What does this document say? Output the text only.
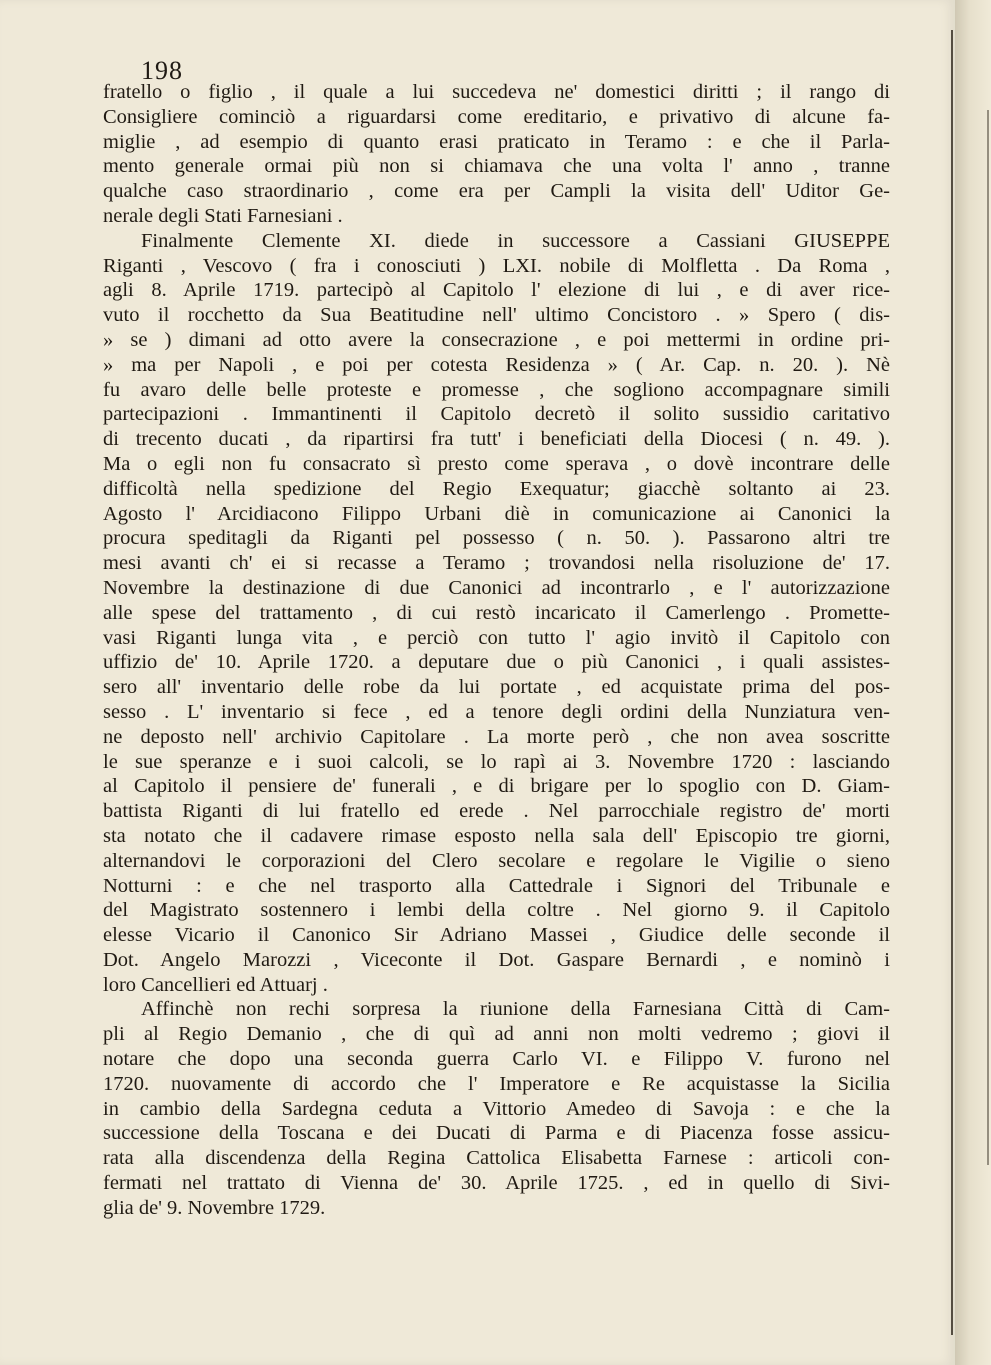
198
fratello o figlio , il quale a lui succedeva ne' domestici diritti ; il rango di
Consigliere cominciò a riguardarsi come ereditario, e privativo di alcune fa-
miglie , ad esempio di quanto erasi praticato in Teramo : e che il Parla-
mento generale ormai più non si chiamava che una volta l' anno , tranne
qualche caso straordinario , come era per Campli la visita dell' Uditor Ge-
nerale degli Stati Farnesiani .
Finalmente Clemente XI. diede in successore a Cassiani GIUSEPPE
Riganti , Vescovo ( fra i conosciuti ) LXI. nobile di Molfletta . Da Roma ,
agli 8. Aprile 1719. partecipò al Capitolo l' elezione di lui , e di aver rice-
vuto il rocchetto da Sua Beatitudine nell' ultimo Concistoro . » Spero ( dis-
» se ) dimani ad otto avere la consecrazione , e poi mettermi in ordine pri-
» ma per Napoli , e poi per cotesta Residenza » ( Ar. Cap. n. 20. ). Nè
fu avaro delle belle proteste e promesse , che sogliono accompagnare simili
partecipazioni . Immantinenti il Capitolo decretò il solito sussidio caritativo
di trecento ducati , da ripartirsi fra tutt' i beneficiati della Diocesi ( n. 49. ).
Ma o egli non fu consacrato sì presto come sperava , o dovè incontrare delle
difficoltà nella spedizione del Regio Exequatur; giacchè soltanto ai 23.
Agosto l' Arcidiacono Filippo Urbani diè in comunicazione ai Canonici la
procura speditagli da Riganti pel possesso ( n. 50. ). Passarono altri tre
mesi avanti ch' ei si recasse a Teramo ; trovandosi nella risoluzione de' 17.
Novembre la destinazione di due Canonici ad incontrarlo , e l' autorizzazione
alle spese del trattamento , di cui restò incaricato il Camerlengo . Promette-
vasi Riganti lunga vita , e perciò con tutto l' agio invitò il Capitolo con
uffizio de' 10. Aprile 1720. a deputare due o più Canonici , i quali assistes-
sero all' inventario delle robe da lui portate , ed acquistate prima del pos-
sesso . L' inventario si fece , ed a tenore degli ordini della Nunziatura ven-
ne deposto nell' archivio Capitolare . La morte però , che non avea soscritte
le sue speranze e i suoi calcoli, se lo rapì ai 3. Novembre 1720 : lasciando
al Capitolo il pensiere de' funerali , e di brigare per lo spoglio con D. Giam-
battista Riganti di lui fratello ed erede . Nel parrocchiale registro de' morti
sta notato che il cadavere rimase esposto nella sala dell' Episcopio tre giorni,
alternandovi le corporazioni del Clero secolare e regolare le Vigilie o sieno
Notturni : e che nel trasporto alla Cattedrale i Signori del Tribunale e
del Magistrato sostennero i lembi della coltre . Nel giorno 9. il Capitolo
elesse Vicario il Canonico Sir Adriano Massei , Giudice delle seconde il
Dot. Angelo Marozzi , Viceconte il Dot. Gaspare Bernardi , e nominò i
loro Cancellieri ed Attuarj .
Affinchè non rechi sorpresa la riunione della Farnesiana Città di Cam-
pli al Regio Demanio , che di quì ad anni non molti vedremo ; giovi il
notare che dopo una seconda guerra Carlo VI. e Filippo V. furono nel
1720. nuovamente di accordo che l' Imperatore e Re acquistasse la Sicilia
in cambio della Sardegna ceduta a Vittorio Amedeo di Savoja : e che la
successione della Toscana e dei Ducati di Parma e di Piacenza fosse assicu-
rata alla discendenza della Regina Cattolica Elisabetta Farnese : articoli con-
fermati nel trattato di Vienna de' 30. Aprile 1725. , ed in quello di Sivi-
glia de' 9. Novembre 1729.
